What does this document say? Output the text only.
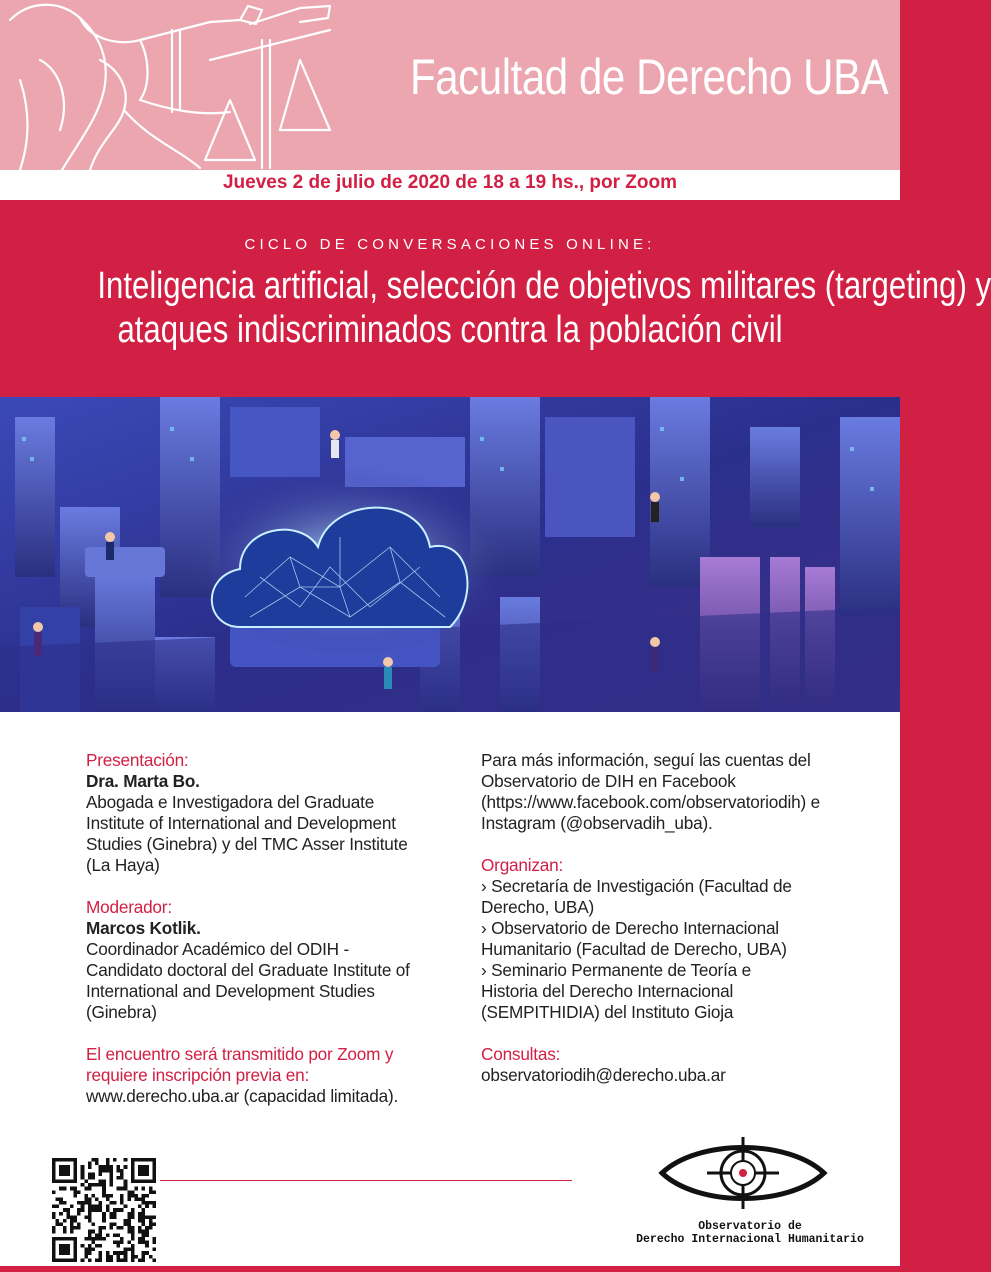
Facultad de Derecho UBA
Jueves 2 de julio de 2020 de 18 a 19 hs., por Zoom
CICLO DE CONVERSACIONES ONLINE:
Inteligencia artificial, selección de objetivos militares (targeting) y
ataques indiscriminados contra la población civil
Presentación:
Dra. Marta Bo.
Abogada e Investigadora del Graduate
Institute of International and Development
Studies (Ginebra) y del TMC Asser Institute
(La Haya)
Moderador:
Marcos Kotlik.
Coordinador Académico del ODIH -
Candidato doctoral del Graduate Institute of
International and Development Studies
(Ginebra)
El encuentro será transmitido por Zoom y
requiere inscripción previa en:
www.derecho.uba.ar (capacidad limitada).
Para más información, seguí las cuentas del
Observatorio de DIH en Facebook
(https://www.facebook.com/observatoriodih) e
Instagram (@observadih_uba).
Organizan:
› Secretaría de Investigación (Facultad de
Derecho, UBA)
› Observatorio de Derecho Internacional
Humanitario (Facultad de Derecho, UBA)
› Seminario Permanente de Teoría e
Historia del Derecho Internacional
(SEMPITHIDIA) del Instituto Gioja
Consultas:
observatoriodih@derecho.uba.ar
Observatorio de
Derecho Internacional Humanitario
